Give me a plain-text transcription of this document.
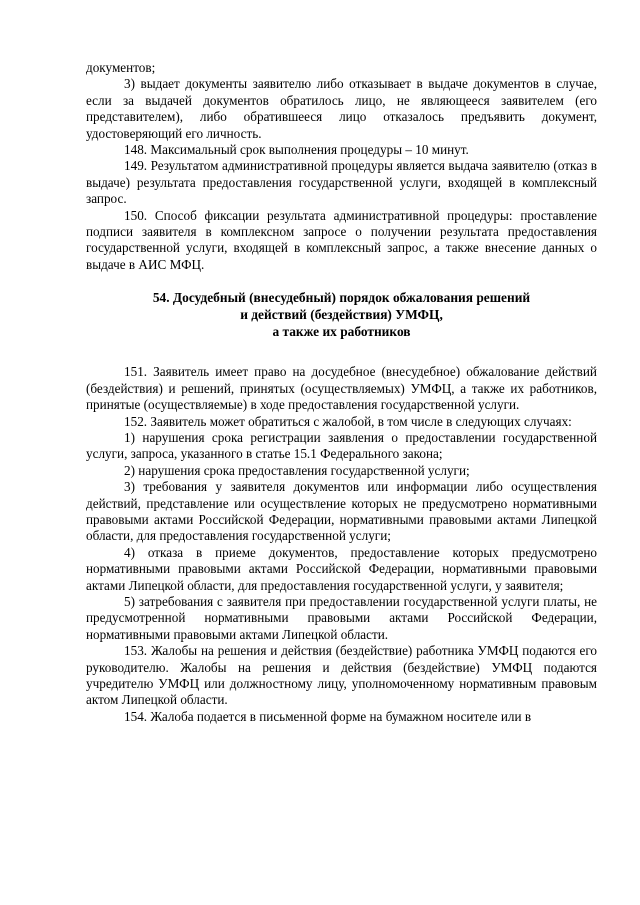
документов;

3) выдает документы заявителю либо отказывает в выдаче документов в случае, если за выдачей документов обратилось лицо, не являющееся заявителем (его представителем), либо обратившееся лицо отказалось предъявить документ, удостоверяющий его личность.

148. Максимальный срок выполнения процедуры – 10 минут.

149. Результатом административной процедуры является выдача заявителю (отказ в выдаче) результата предоставления государственной услуги, входящей в комплексный запрос.

150. Способ фиксации результата административной процедуры: проставление подписи заявителя в комплексном запросе о получении результата предоставления государственной услуги, входящей в комплексный запрос, а также внесение данных о выдаче в АИС МФЦ.

54. Досудебный (внесудебный) порядок обжалования решений
и действий (бездействия) УМФЦ,
а также их работников

151. Заявитель имеет право на досудебное (внесудебное) обжалование действий (бездействия) и решений, принятых (осуществляемых) УМФЦ, а также их работников, принятые (осуществляемые) в ходе предоставления государственной услуги.

152. Заявитель может обратиться с жалобой, в том числе в следующих случаях:

1) нарушения срока регистрации заявления о предоставлении государственной услуги, запроса, указанного в статье 15.1 Федерального закона;

2) нарушения срока предоставления государственной услуги;

3) требования у заявителя документов или информации либо осуществления действий, представление или осуществление которых не предусмотрено нормативными правовыми актами Российской Федерации, нормативными правовыми актами Липецкой области, для предоставления государственной услуги;

4) отказа в приеме документов, предоставление которых предусмотрено нормативными правовыми актами Российской Федерации, нормативными правовыми актами Липецкой области, для предоставления государственной услуги, у заявителя;

5) затребования с заявителя при предоставлении государственной услуги платы, не предусмотренной нормативными правовыми актами Российской Федерации, нормативными правовыми актами Липецкой области.

153. Жалобы на решения и действия (бездействие) работника УМФЦ подаются его руководителю. Жалобы на решения и действия (бездействие) УМФЦ подаются учредителю УМФЦ или должностному лицу, уполномоченному нормативным правовым актом Липецкой области.

154. Жалоба подается в письменной форме на бумажном носителе или в
